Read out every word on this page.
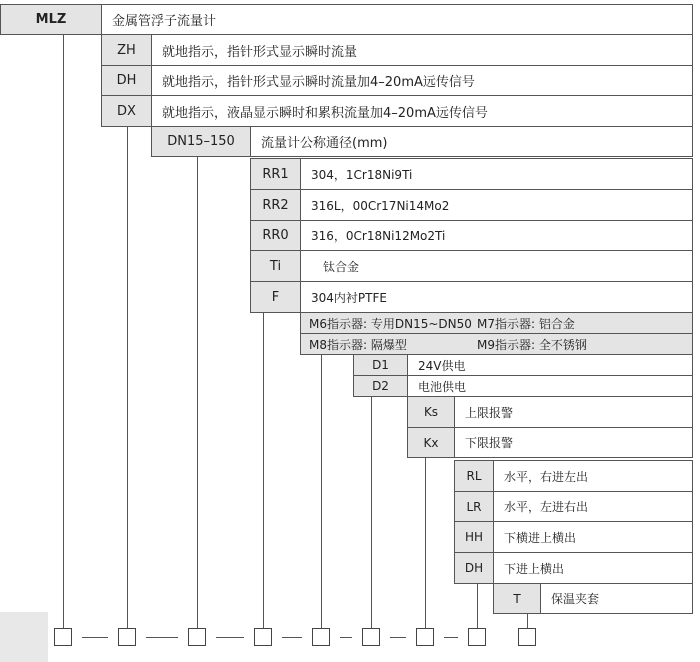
MLZ	金属管浮子流量计
ZH 就地指示，指针形式显示瞬时流量
DH 就地指示，指针形式显示瞬时流量加4–20mA远传信号
DX 就地指示，液晶显示瞬时和累积流量加4–20mA远传信号
DN15–150 流量计公称通径(mm)
RR1 304，1Cr18Ni9Ti
RR2 316L，00Cr17Ni14Mo2
RR0 316，0Cr18Ni12Mo2Ti
Ti	钛合金
F	304内衬PTFE
M6指示器: 专用DN15~DN50 M7指示器: 铝合金
M8指示器: 隔爆型	M9指示器: 全不锈钢
D1 24V供电
D2 电池供电
Ks 上限报警
Kx 下限报警
RL 水平，右进左出
LR 水平，左进右出
HH 下横进上横出
DH 下进上横出
T	保温夹套
